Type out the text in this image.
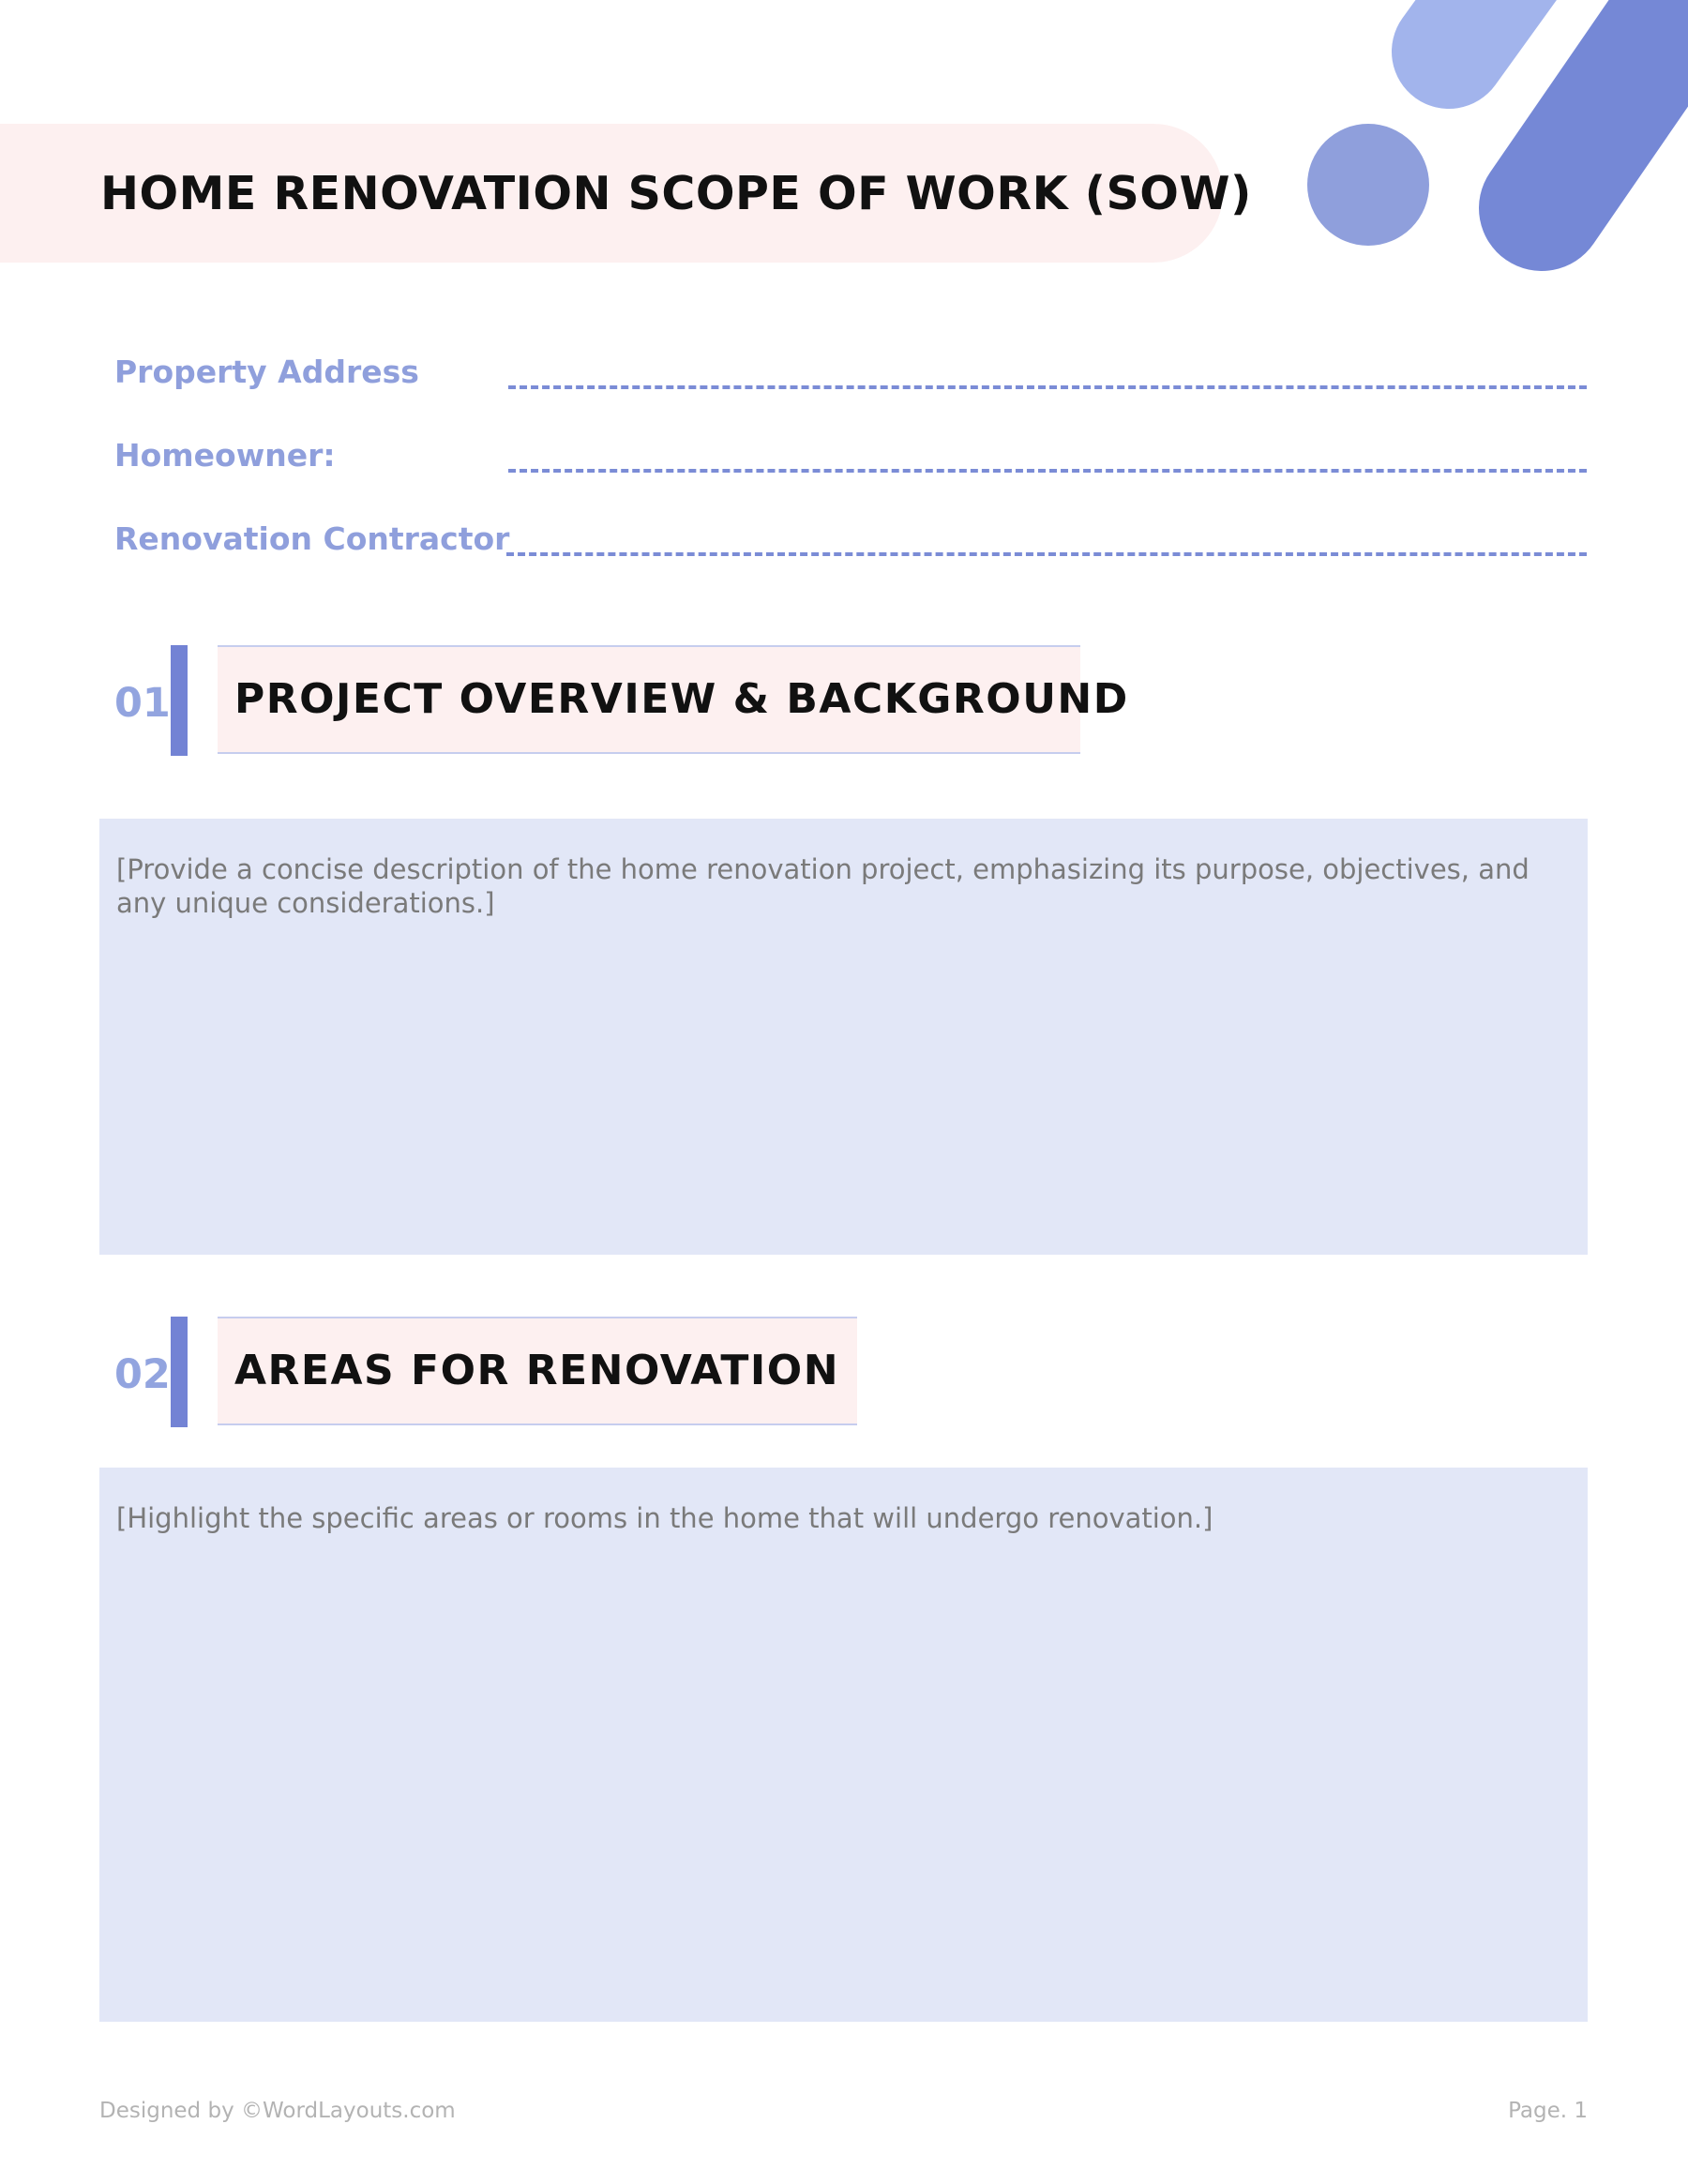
HOME RENOVATION SCOPE OF WORK (SOW)
Property Address
Homeowner:
Renovation Contractor
01 PROJECT OVERVIEW & BACKGROUND

[Provide a concise description of the home renovation project, emphasizing its purpose, objectives, and any unique considerations.]

02 AREAS FOR RENOVATION

[Highlight the specific areas or rooms in the home that will undergo renovation.]

Designed by ©WordLayouts.com	Page. 1
